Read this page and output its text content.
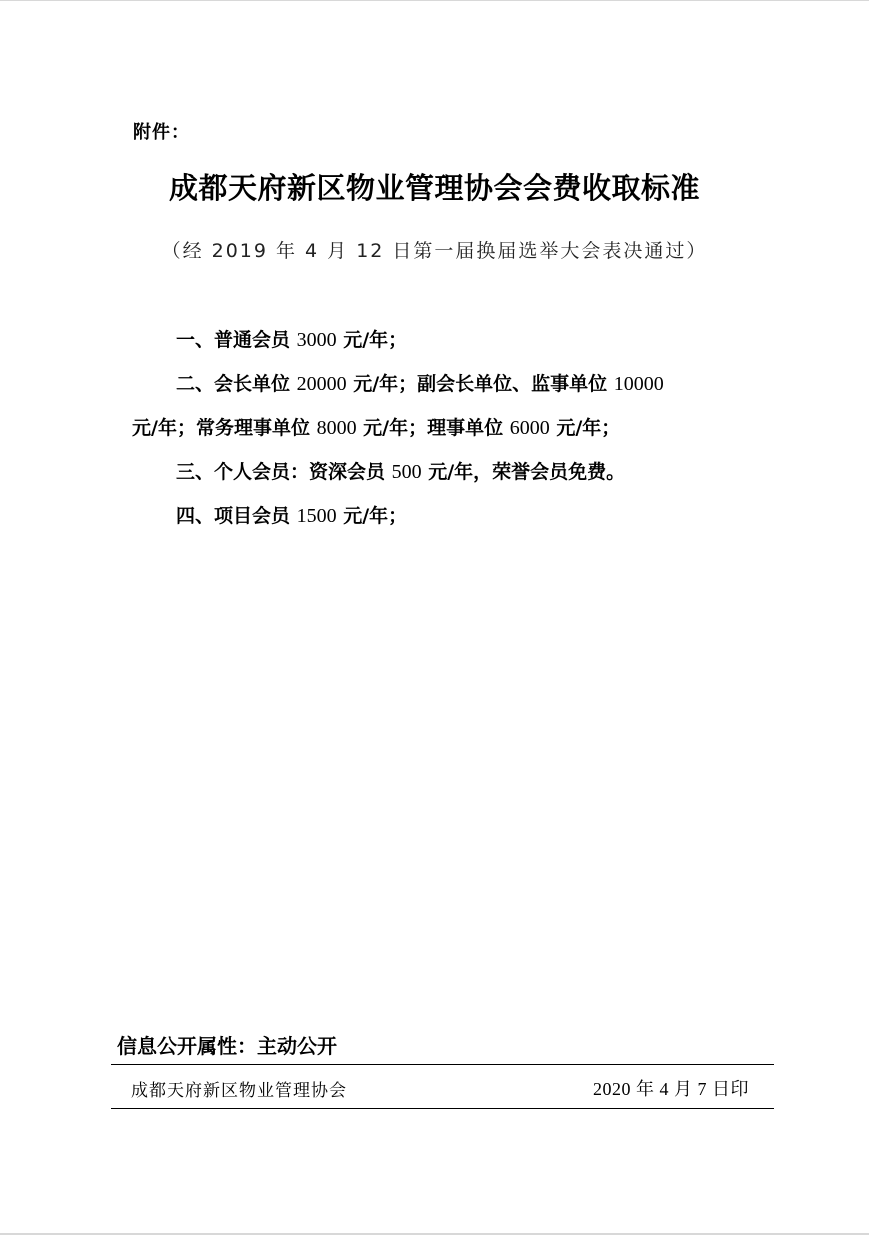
附件：
成都天府新区物业管理协会会费收取标准
（经 2019 年 4 月 12 日第一届换届选举大会表决通过）
一、普通会员 3000 元/年；
二、会长单位 20000 元/年；副会长单位、监事单位 10000
元/年；常务理事单位 8000 元/年；理事单位 6000 元/年；
三、个人会员：资深会员 500 元/年，荣誉会员免费。
四、项目会员 1500 元/年；
信息公开属性：主动公开
成都天府新区物业管理协会	2020 年 4 月 7 日印
